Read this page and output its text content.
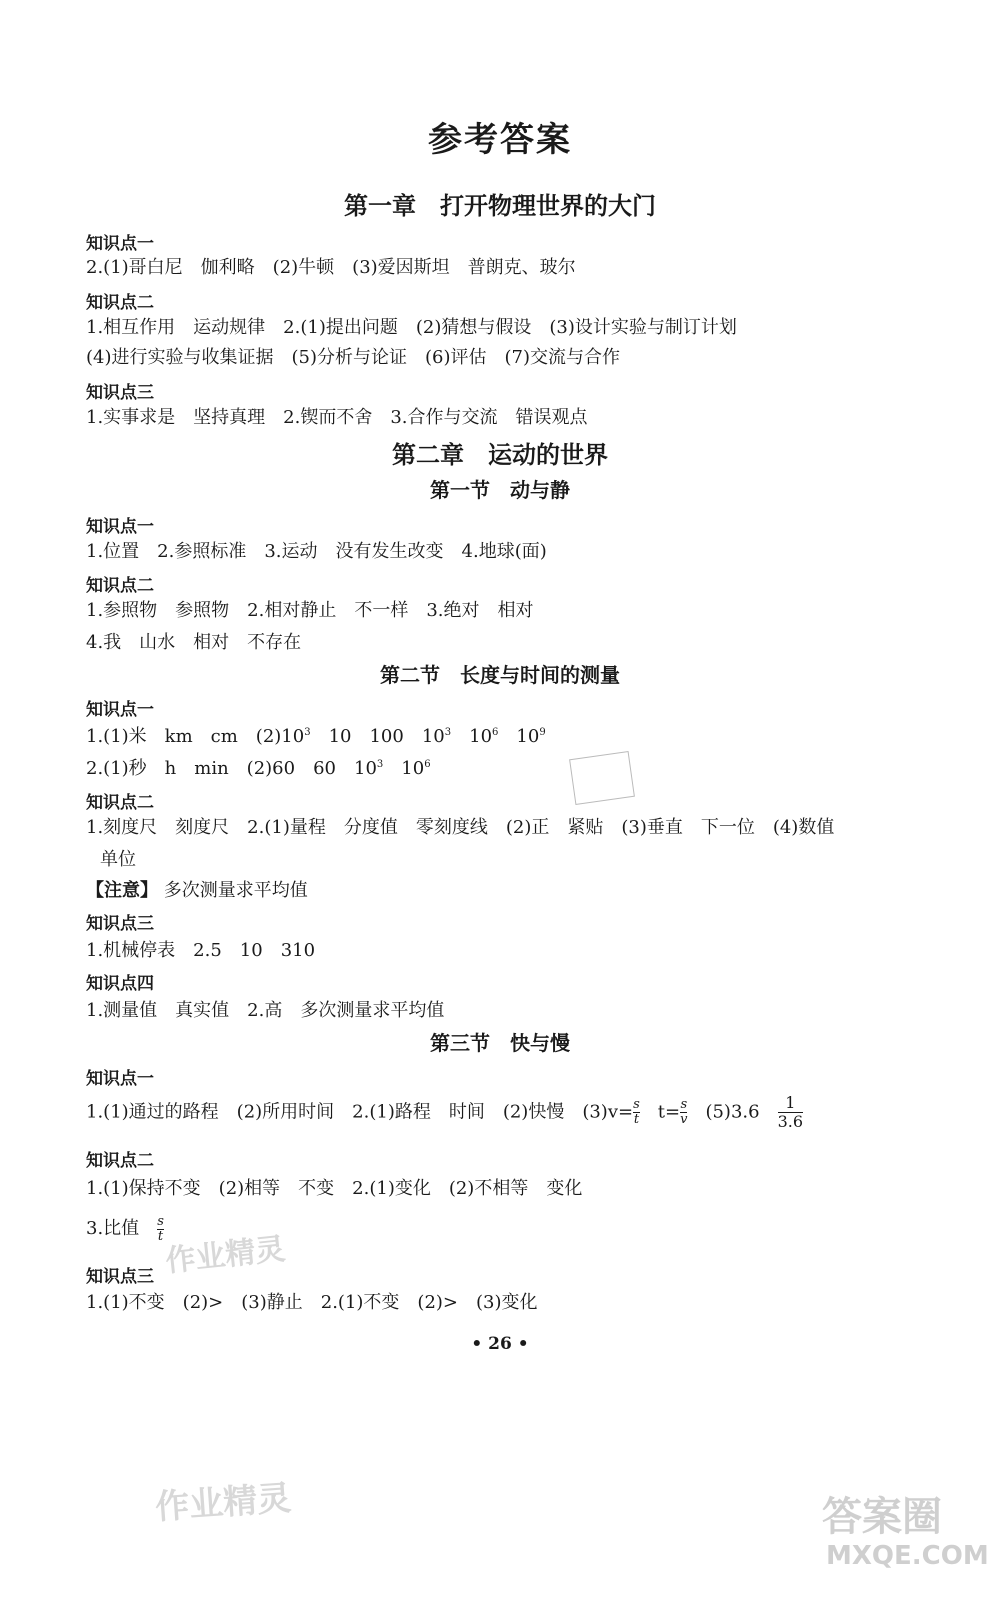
参考答案
第一章　打开物理世界的大门
知识点一
2.(1)哥白尼　伽利略　(2)牛顿　(3)爱因斯坦　普朗克、玻尔
知识点二
1.相互作用　运动规律　2.(1)提出问题　(2)猜想与假设　(3)设计实验与制订计划
(4)进行实验与收集证据　(5)分析与论证　(6)评估　(7)交流与合作
知识点三
1.实事求是　坚持真理　2.锲而不舍　3.合作与交流　错误观点
第二章　运动的世界
第一节　动与静
知识点一
1.位置　2.参照标准　3.运动　没有发生改变　4.地球(面)
知识点二
1.参照物　参照物　2.相对静止　不一样　3.绝对　相对
4.我　山水　相对　不存在
第二节　长度与时间的测量
知识点一
1.(1)米　km　cm　$(2)10^3$　10　100　$10^3$　$10^6$　$10^9$
2.(1)秒　h　min　(2)60　60　$10^3$　$10^6$
知识点二
1.刻度尺　刻度尺　2.(1)量程　分度值　零刻度线　(2)正　紧贴　(3)垂直　下一位　(4)数值
单位
【注意】 多次测量求平均值
知识点三
1.机械停表　2.5　10　310
知识点四
1.测量值　真实值　2.高　多次测量求平均值
第三节　快与慢
知识点一
1.(1)通过的路程　(2)所用时间　2.(1)路程　时间　(2)快慢　$(3)v= \frac{s}{t}$ 　$t= \frac{s}{v}$ 　(5)3.6　 $\frac{1}{3.6}$
知识点二
1.(1)保持不变　(2)相等　不变　2.(1)变化　(2)不相等　变化
3.比值　 $\frac{s}{t}$
知识点三
1.(1)不变　(2)>　(3)静止　2.(1)不变　(2)>　(3)变化
• 26 •
作业精灵
作业精灵	答案圈
MXQE.COM
